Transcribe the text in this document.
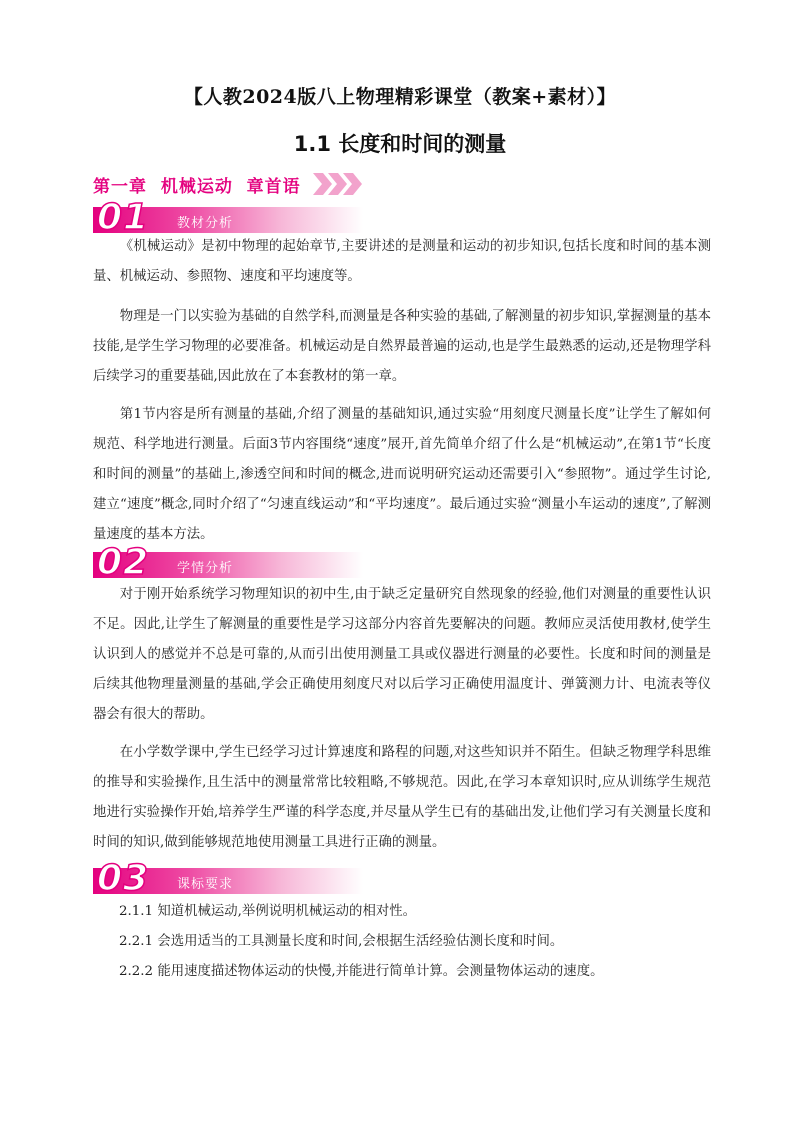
【人教2024版八上物理精彩课堂（教案+素材）】
1.1 长度和时间的测量
第一章  机械运动  章首语
01 教材分析

《机械运动》是初中物理的起始章节,主要讲述的是测量和运动的初步知识,包括长度和时间的基本测量、机械运动、参照物、速度和平均速度等。

物理是一门以实验为基础的自然学科,而测量是各种实验的基础,了解测量的初步知识,掌握测量的基本技能,是学生学习物理的必要准备。机械运动是自然界最普遍的运动,也是学生最熟悉的运动,还是物理学科后续学习的重要基础,因此放在了本套教材的第一章。

第1节内容是所有测量的基础,介绍了测量的基础知识,通过实验“用刻度尺测量长度”让学生了解如何规范、科学地进行测量。后面3节内容围绕“速度”展开,首先简单介绍了什么是“机械运动”,在第1节“长度和时间的测量”的基础上,渗透空间和时间的概念,进而说明研究运动还需要引入“参照物”。通过学生讨论,建立“速度”概念,同时介绍了“匀速直线运动”和“平均速度”。最后通过实验“测量小车运动的速度”,了解测量速度的基本方法。

02 学情分析

对于刚开始系统学习物理知识的初中生,由于缺乏定量研究自然现象的经验,他们对测量的重要性认识不足。因此,让学生了解测量的重要性是学习这部分内容首先要解决的问题。教师应灵活使用教材,使学生认识到人的感觉并不总是可靠的,从而引出使用测量工具或仪器进行测量的必要性。长度和时间的测量是后续其他物理量测量的基础,学会正确使用刻度尺对以后学习正确使用温度计、弹簧测力计、电流表等仪器会有很大的帮助。

在小学数学课中,学生已经学习过计算速度和路程的问题,对这些知识并不陌生。但缺乏物理学科思维的推导和实验操作,且生活中的测量常常比较粗略,不够规范。因此,在学习本章知识时,应从训练学生规范地进行实验操作开始,培养学生严谨的科学态度,并尽量从学生已有的基础出发,让他们学习有关测量长度和时间的知识,做到能够规范地使用测量工具进行正确的测量。

03 课标要求

2.1.1 知道机械运动,举例说明机械运动的相对性。

2.2.1 会选用适当的工具测量长度和时间,会根据生活经验估测长度和时间。

2.2.2 能用速度描述物体运动的快慢,并能进行简单计算。会测量物体运动的速度。
